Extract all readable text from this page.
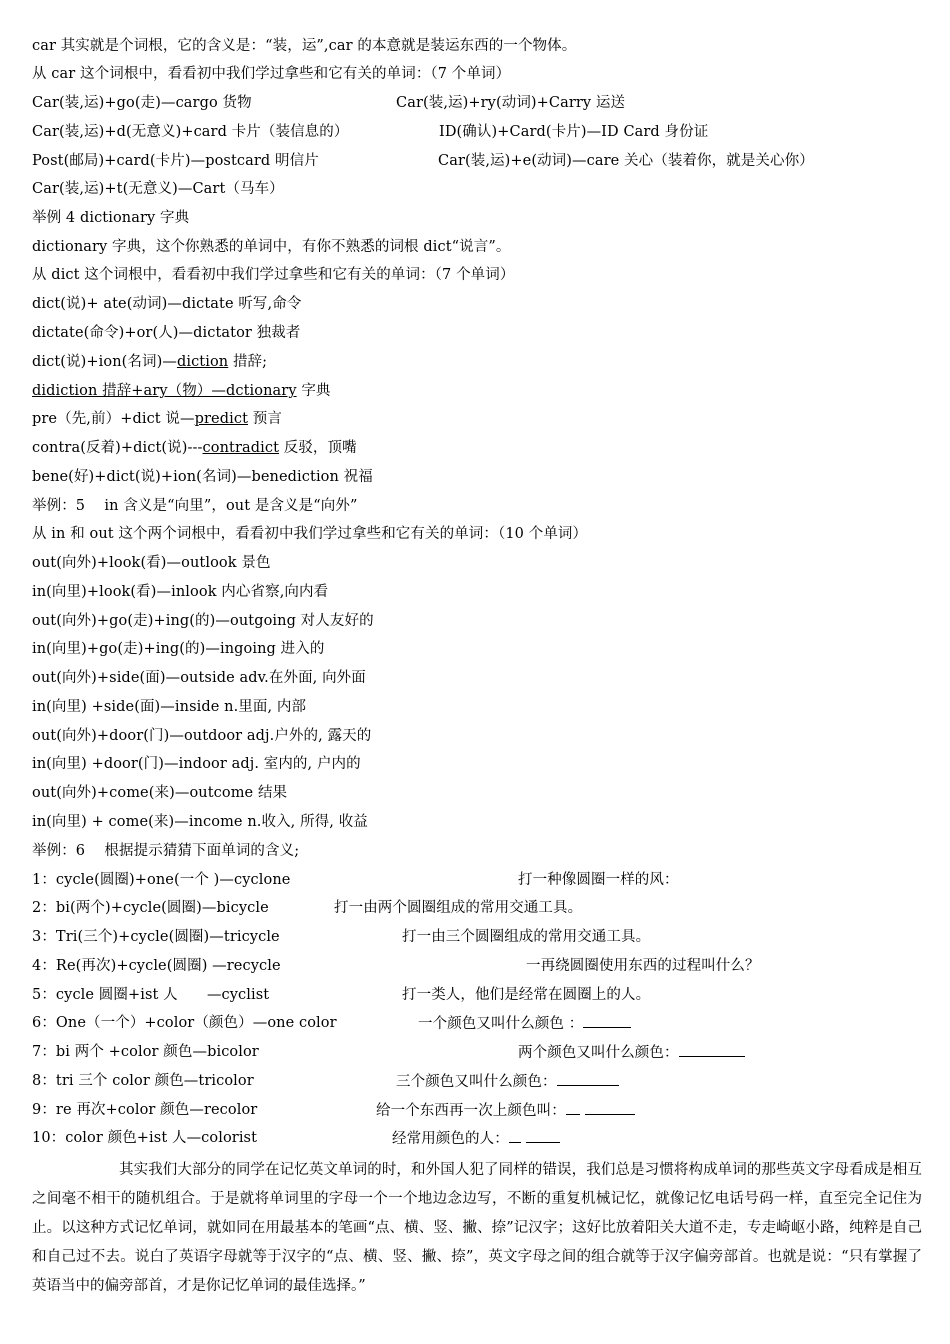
car 其实就是个词根，它的含义是：“装，运”,car 的本意就是装运东西的一个物体。
从 car 这个词根中，看看初中我们学过拿些和它有关的单词：（7 个单词）
Car(装,运)+go(走)—cargo 货物	Car(装,运)+ry(动词)+Carry 运送
Car(装,运)+d(无意义)+card 卡片（装信息的）	ID(确认)+Card(卡片)—ID Card 身份证
Post(邮局)+card(卡片)—postcard 明信片	Car(装,运)+e(动词)—care 关心（装着你，就是关心你）
Car(装,运)+t(无意义)—Cart（马车）
举例 4 dictionary 字典
dictionary 字典，这个你熟悉的单词中，有你不熟悉的词根 dict“说言”。
从 dict 这个词根中，看看初中我们学过拿些和它有关的单词：（7 个单词）
dict(说)+ ate(动词)—dictate 听写,命令
dictate(命令)+or(人)—dictator 独裁者
dict(说)+ion(名词)—diction 措辞;
didiction 措辞+ary（物）—dctionary 字典
pre（先,前）+dict 说—predict 预言
contra(反着)+dict(说)---contradict 反驳，顶嘴
bene(好)+dict(说)+ion(名词)—benediction 祝福
举例：5　 in 含义是“向里”，out 是含义是“向外”
从 in 和 out 这个两个词根中，看看初中我们学过拿些和它有关的单词：（10 个单词）
out(向外)+look(看)—outlook 景色
in(向里)+look(看)—inlook 内心省察,向内看
out(向外)+go(走)+ing(的)—outgoing 对人友好的
in(向里)+go(走)+ing(的)—ingoing 进入的
out(向外)+side(面)—outside adv.在外面, 向外面
in(向里) +side(面)—inside n.里面, 内部
out(向外)+door(门)—outdoor adj.户外的, 露天的
in(向里) +door(门)—indoor adj. 室内的, 户内的
out(向外)+come(来)—outcome 结果
in(向里) + come(来)—income n.收入, 所得, 收益
举例：6　 根据提示猜猜下面单词的含义;
1：cycle(圆圈)+one(一个 )—cyclone	打一种像圆圈一样的风：
2：bi(两个)+cycle(圆圈)—bicycle	打一由两个圆圈组成的常用交通工具。
3：Tri(三个)+cycle(圆圈)—tricycle	打一由三个圆圈组成的常用交通工具。
4：Re(再次)+cycle(圆圈) —recycle	一再绕圆圈使用东西的过程叫什么？
5：cycle 圆圈+ist 人　　—cyclist	打一类人，他们是经常在圆圈上的人。
6：One（一个）+color（颜色）—one color	一个颜色又叫什么颜色 ：
7：bi 两个 +color 颜色—bicolor	两个颜色又叫什么颜色：
8：tri 三个 color 颜色—tricolor	三个颜色又叫什么颜色：
9：re 再次+color 颜色—recolor	给一个东西再一次上颜色叫：
10：color 颜色+ist 人—colorist	经常用颜色的人：
其实我们大部分的同学在记忆英文单词的时，和外国人犯了同样的错误，我们总是习惯将构成单词的那些英文字母看成是相互之间毫不相干的随机组合。于是就将单词里的字母一个一个地边念边写，不断的重复机械记忆，就像记忆电话号码一样，直至完全记住为止。以这种方式记忆单词，就如同在用最基本的笔画“点、横、竖、撇、捺”记汉字；这好比放着阳关大道不走，专走崎岖小路，纯粹是自己和自己过不去。说白了英语字母就等于汉字的“点、横、竖、撇、捺”，英文字母之间的组合就等于汉字偏旁部首。也就是说：“只有掌握了英语当中的偏旁部首，才是你记忆单词的最佳选择。”
